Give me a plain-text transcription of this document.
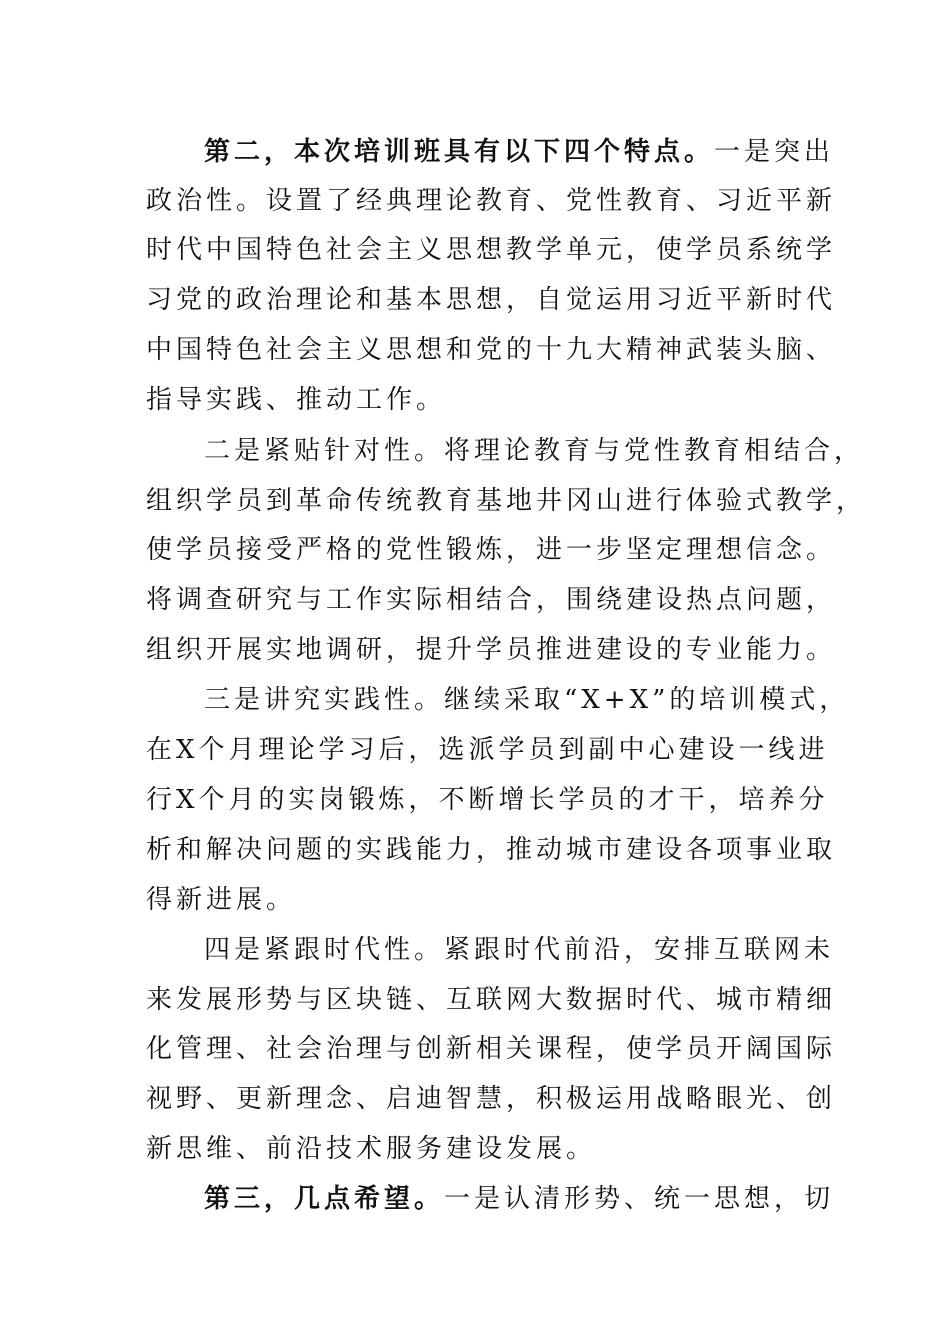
第二，本次培训班具有以下四个特点。一是突出
政治性。设置了经典理论教育、党性教育、习近平新
时代中国特色社会主义思想教学单元，使学员系统学
习党的政治理论和基本思想，自觉运用习近平新时代
中国特色社会主义思想和党的十九大精神武装头脑、
指导实践、推动工作。
二是紧贴针对性。将理论教育与党性教育相结合，
组织学员到革命传统教育基地井冈山进行体验式教学，
使学员接受严格的党性锻炼，进一步坚定理想信念。
将调查研究与工作实际相结合，围绕建设热点问题，
组织开展实地调研，提升学员推进建设的专业能力。
三是讲究实践性。继续采取“X+X”的培训模式，
在X个月理论学习后，选派学员到副中心建设一线进
行X个月的实岗锻炼，不断增长学员的才干，培养分
析和解决问题的实践能力，推动城市建设各项事业取
得新进展。
四是紧跟时代性。紧跟时代前沿，安排互联网未
来发展形势与区块链、互联网大数据时代、城市精细
化管理、社会治理与创新相关课程，使学员开阔国际
视野、更新理念、启迪智慧，积极运用战略眼光、创
新思维、前沿技术服务建设发展。
第三，几点希望。一是认清形势、统一思想，切
